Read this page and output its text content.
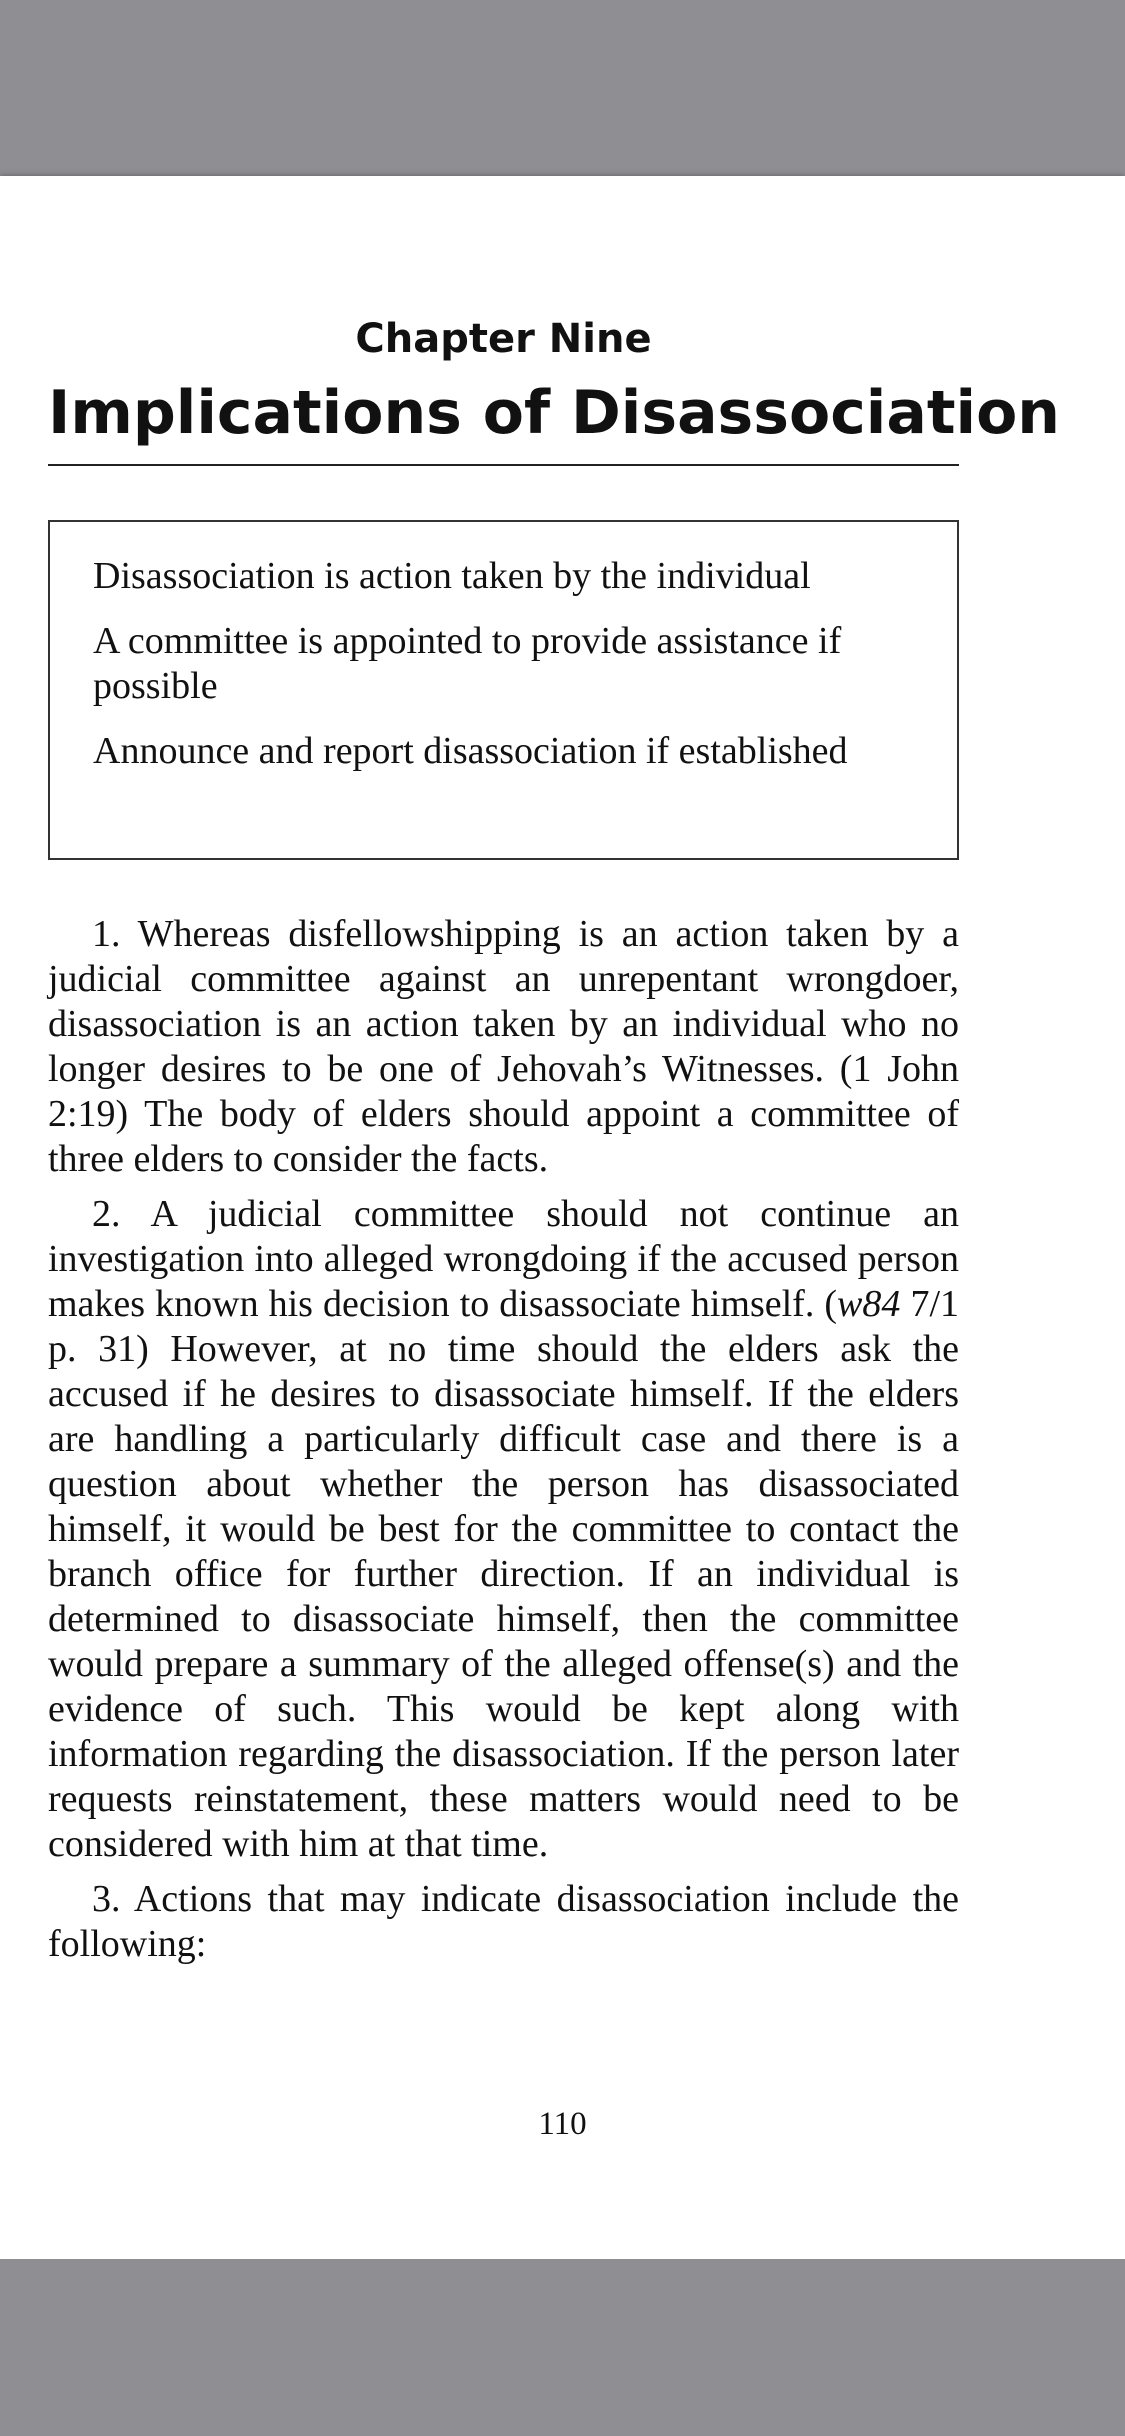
Chapter Nine
Implications of Disassociation
Disassociation is action taken by the individual
A committee is appointed to provide assistance if possible
Announce and report disassociation if established

1. Whereas disfellowshipping is an action taken by a judicial committee against an unrepentant wrongdoer, disassociation is an action taken by an individual who no longer desires to be one of Jehovah’s Witnesses. (1 John 2:19) The body of elders should appoint a committee of three elders to consider the facts.

2. A judicial committee should not continue an investigation into alleged wrongdoing if the accused person makes known his decision to disassociate himself. (w84 7/1 p. 31) However, at no time should the elders ask the accused if he desires to disassociate himself. If the elders are handling a particularly difficult case and there is a question about whether the person has disassociated himself, it would be best for the committee to contact the branch office for further direction. If an individual is determined to disassociate himself, then the committee would prepare a summary of the alleged offense(s) and the evidence of such. This would be kept along with information regarding the disassociation. If the person later requests reinstatement, these matters would need to be considered with him at that time.

3. Actions that may indicate disassociation include the following:

110
